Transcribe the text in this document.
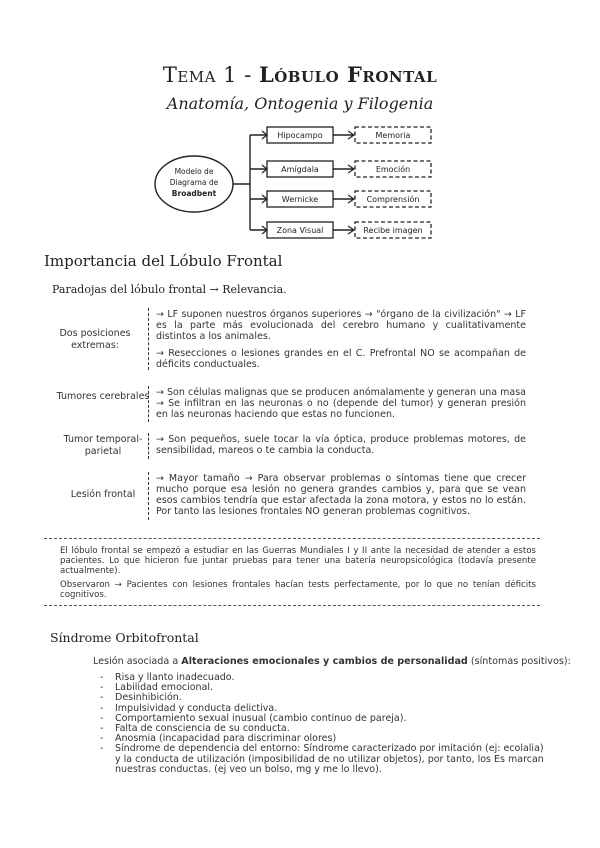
Tema 1 - Lóbulo Frontal
Anatomía, Ontogenia y Filogenia
Modelo de
Diagrama de
Broadbent
Hipocampo
Amígdala
Wernicke
Zona Visual
Memoria
Emoción
Comprensión
Recibe imagen
Importancia del Lóbulo Frontal
Paradojas del lóbulo frontal → Relevancia.
Dos posiciones extremas:

→ LF suponen nuestros órganos superiores → "órgano de la civilización" → LF es la parte más evolucionada del cerebro humano y cualitativamente distintos a los animales.

→ Resecciones o lesiones grandes en el C. Prefrontal NO se acompañan de déficits conductuales.

Tumores cerebrales → Son células malignas que se producen anómalamente y generan una masa → Se infiltran en las neuronas o no (depende del tumor) y generan presión en las neuronas haciendo que estas no funcionen.

Tumor temporal-parietal

→ Son pequeños, suele tocar la vía óptica, produce problemas motores, de sensibilidad, mareos o te cambia la conducta.

Lesión frontal

→ Mayor tamaño → Para observar problemas o síntomas tiene que crecer mucho porque esa lesión no genera grandes cambios y, para que se vean esos cambios tendría que estar afectada la zona motora, y estos no lo están. Por tanto las lesiones frontales NO generan problemas cognitivos.

El lóbulo frontal se empezó a estudiar en las Guerras Mundiales I y II ante la necesidad de atender a estos pacientes. Lo que hicieron fue juntar pruebas para tener una batería neuropsicológica (todavía presente actualmente).
Observaron → Pacientes con lesiones frontales hacían tests perfectamente, por lo que no tenían déficits cognitivos.
Síndrome Orbitofrontal
Lesión asociada a Alteraciones emocionales y cambios de personalidad (síntomas positivos):
- Risa y llanto inadecuado.
- Labilidad emocional.
- Desinhibición.
- Impulsividad y conducta delictiva.
- Comportamiento sexual inusual (cambio continuo de pareja).
- Falta de consciencia de su conducta.
- Anosmia (incapacidad para discriminar olores)
- Síndrome de dependencia del entorno: Síndrome caracterizado por imitación (ej: ecolalia) y la conducta de utilización (imposibilidad de no utilizar objetos), por tanto, los Es marcan nuestras conductas. (ej veo un bolso, mg y me lo llevo).
